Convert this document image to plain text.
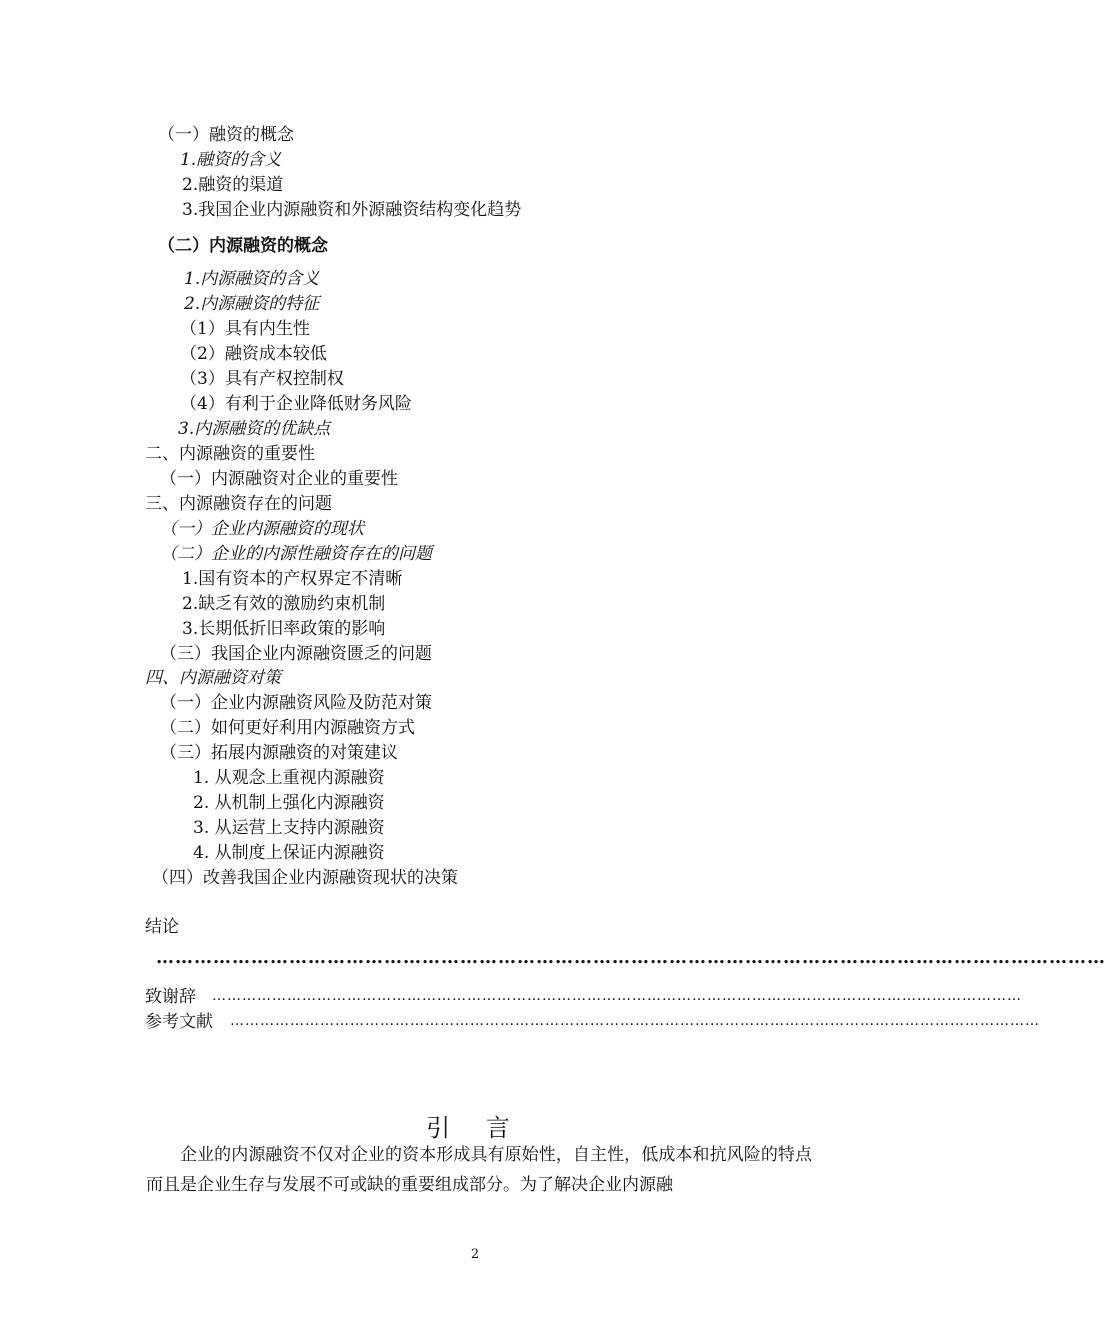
（一）融资的概念
1.融资的含义
2.融资的渠道
3.我国企业内源融资和外源融资结构变化趋势
（二）内源融资的概念
1.内源融资的含义
2.内源融资的特征
（1）具有内生性
（2）融资成本较低
（3）具有产权控制权
（4）有利于企业降低财务风险
3.内源融资的优缺点
二、内源融资的重要性
（一）内源融资对企业的重要性
三、内源融资存在的问题
（一）企业内源融资的现状
（二）企业的内源性融资存在的问题
1.国有资本的产权界定不清晰
2.缺乏有效的激励约束机制
3.长期低折旧率政策的影响
（三）我国企业内源融资匮乏的问题
四、内源融资对策
（一）企业内源融资风险及防范对策
（二）如何更好利用内源融资方式
（三）拓展内源融资的对策建议
1. 从观念上重视内源融资
2. 从机制上强化内源融资
3. 从运营上支持内源融资
4. 从制度上保证内源融资
（四）改善我国企业内源融资现状的决策
结论
……………………………………………………………………………………………………………………………………
致谢辞 ………………………………………………………………………………………………………………………………………………
参考文献 ………………………………………………………………………………………………………………………………………………
引 言
企业的内源融资不仅对企业的资本形成具有原始性，自主性，低成本和抗风险的特点而且是企业生存与发展不可或缺的重要组成部分。为了解决企业内源融
2
